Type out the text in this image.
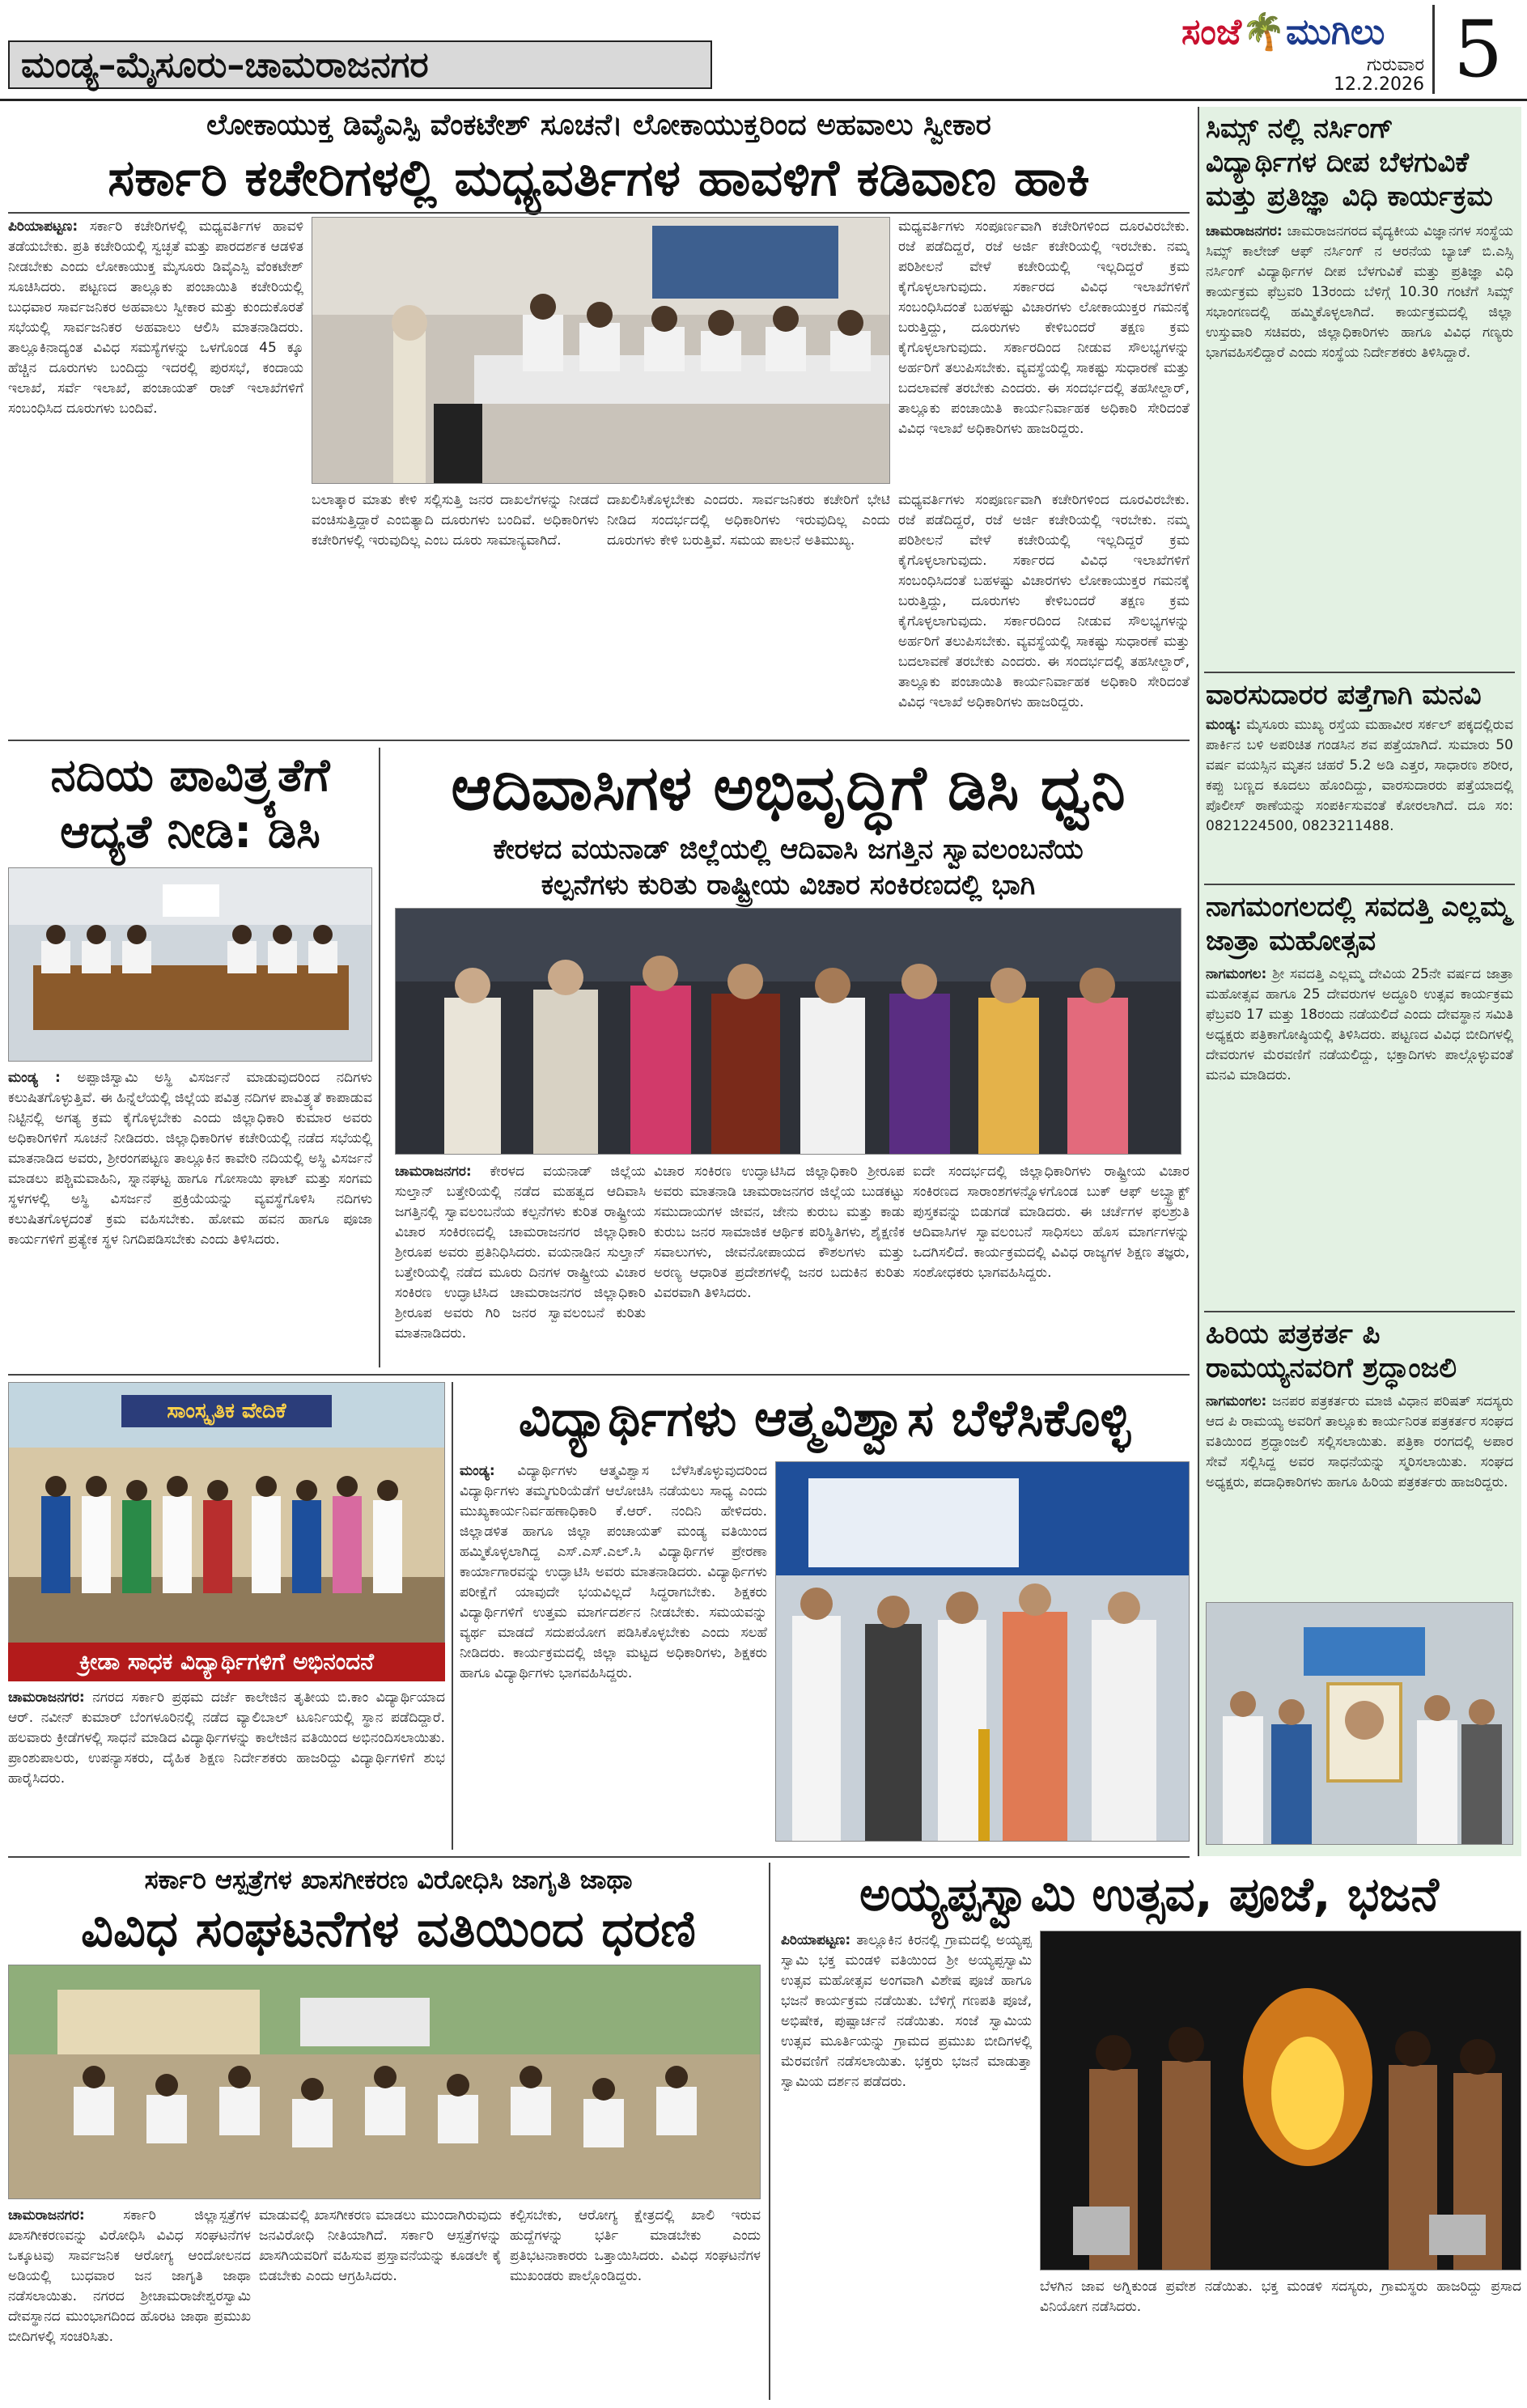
ಮಂಡ್ಯ–ಮೈಸೂರು–ಚಾಮರಾಜನಗರ
ಸಂಜೆ🌴ಮುಗಿಲು
ಗುರುವಾರ
12.2.2026 5
ಲೋಕಾಯುಕ್ತ ಡಿವೈಎಸ್ಪಿ ವೆಂಕಟೇಶ್ ಸೂಚನೆ। ಲೋಕಾಯುಕ್ತರಿಂದ ಅಹವಾಲು ಸ್ವೀಕಾರ
ಸರ್ಕಾರಿ ಕಚೇರಿಗಳಲ್ಲಿ ಮಧ್ಯವರ್ತಿಗಳ ಹಾವಳಿಗೆ ಕಡಿವಾಣ ಹಾಕಿ
ಪಿರಿಯಾಪಟ್ಟಣ: ಸರ್ಕಾರಿ ಕಚೇರಿಗಳಲ್ಲಿ ಮಧ್ಯವರ್ತಿಗಳ ಹಾವಳಿ ತಡೆಯಬೇಕು. ಪ್ರತಿ ಕಚೇರಿಯಲ್ಲಿ ಸ್ವಚ್ಛತೆ ಮತ್ತು ಪಾರದರ್ಶಕ ಆಡಳಿತ ನೀಡಬೇಕು ಎಂದು ಲೋಕಾಯುಕ್ತ ಮೈಸೂರು ಡಿವೈಎಸ್ಪಿ ವೆಂಕಟೇಶ್ ಸೂಚಿಸಿದರು. ಪಟ್ಟಣದ ತಾಲ್ಲೂಕು ಪಂಚಾಯಿತಿ ಕಚೇರಿಯಲ್ಲಿ ಬುಧವಾರ ಸಾರ್ವಜನಿಕರ ಅಹವಾಲು ಸ್ವೀಕಾರ ಮತ್ತು ಕುಂದುಕೊರತೆ ಸಭೆಯಲ್ಲಿ ಸಾರ್ವಜನಿಕರ ಅಹವಾಲು ಆಲಿಸಿ ಮಾತನಾಡಿದರು. ತಾಲ್ಲೂಕಿನಾದ್ಯಂತ ವಿವಿಧ ಸಮಸ್ಯೆಗಳನ್ನು ಒಳಗೊಂಡ 45 ಕ್ಕೂ ಹೆಚ್ಚಿನ ದೂರುಗಳು ಬಂದಿದ್ದು ಇದರಲ್ಲಿ ಪುರಸಭೆ, ಕಂದಾಯ ಇಲಾಖೆ, ಸರ್ವೆ ಇಲಾಖೆ, ಪಂಚಾಯತ್ ರಾಜ್ ಇಲಾಖೆಗಳಿಗೆ ಸಂಬಂಧಿಸಿದ ದೂರುಗಳು ಬಂದಿವೆ.
ಮಧ್ಯವರ್ತಿಗಳು ಸಂಪೂರ್ಣವಾಗಿ ಕಚೇರಿಗಳಿಂದ ದೂರವಿರಬೇಕು. ರಜೆ ಪಡೆದಿದ್ದರೆ, ರಜೆ ಅರ್ಜಿ ಕಚೇರಿಯಲ್ಲಿ ಇರಬೇಕು. ನಮ್ಮ ಪರಿಶೀಲನೆ ವೇಳೆ ಕಚೇರಿಯಲ್ಲಿ ಇಲ್ಲದಿದ್ದರೆ ಕ್ರಮ ಕೈಗೊಳ್ಳಲಾಗುವುದು. ಸರ್ಕಾರದ ವಿವಿಧ ಇಲಾಖೆಗಳಿಗೆ ಸಂಬಂಧಿಸಿದಂತೆ ಬಹಳಷ್ಟು ವಿಚಾರಗಳು ಲೋಕಾಯುಕ್ತರ ಗಮನಕ್ಕೆ ಬರುತ್ತಿದ್ದು, ದೂರುಗಳು ಕೇಳಿಬಂದರೆ ತಕ್ಷಣ ಕ್ರಮ ಕೈಗೊಳ್ಳಲಾಗುವುದು. ಸರ್ಕಾರದಿಂದ ನೀಡುವ ಸೌಲಭ್ಯಗಳನ್ನು ಅರ್ಹರಿಗೆ ತಲುಪಿಸಬೇಕು. ವ್ಯವಸ್ಥೆಯಲ್ಲಿ ಸಾಕಷ್ಟು ಸುಧಾರಣೆ ಮತ್ತು ಬದಲಾವಣೆ ತರಬೇಕು ಎಂದರು. ಈ ಸಂದರ್ಭದಲ್ಲಿ ತಹಸೀಲ್ದಾರ್, ತಾಲ್ಲೂಕು ಪಂಚಾಯಿತಿ ಕಾರ್ಯನಿರ್ವಾಹಕ ಅಧಿಕಾರಿ ಸೇರಿದಂತೆ ವಿವಿಧ ಇಲಾಖೆ ಅಧಿಕಾರಿಗಳು ಹಾಜರಿದ್ದರು.
ಬಲಾತ್ಕಾರ ಮಾತು ಕೇಳಿ ಸಲ್ಲಿಸುತ್ತಿ ಜನರ ದಾಖಲೆಗಳನ್ನು ನೀಡದೆ ವಂಚಿಸುತ್ತಿದ್ದಾರೆ ಎಂಬಿತ್ಯಾದಿ ದೂರುಗಳು ಬಂದಿವೆ. ಅಧಿಕಾರಿಗಳು ಕಚೇರಿಗಳಲ್ಲಿ ಇರುವುದಿಲ್ಲ ಎಂಬ ದೂರು ಸಾಮಾನ್ಯವಾಗಿದೆ.
ದಾಖಲಿಸಿಕೊಳ್ಳಬೇಕು ಎಂದರು. ಸಾರ್ವಜನಿಕರು ಕಚೇರಿಗೆ ಭೇಟಿ ನೀಡಿದ ಸಂದರ್ಭದಲ್ಲಿ ಅಧಿಕಾರಿಗಳು ಇರುವುದಿಲ್ಲ ಎಂದು ದೂರುಗಳು ಕೇಳಿ ಬರುತ್ತಿವೆ. ಸಮಯ ಪಾಲನೆ ಅತಿಮುಖ್ಯ.
ಮಧ್ಯವರ್ತಿಗಳು ಸಂಪೂರ್ಣವಾಗಿ ಕಚೇರಿಗಳಿಂದ ದೂರವಿರಬೇಕು. ರಜೆ ಪಡೆದಿದ್ದರೆ, ರಜೆ ಅರ್ಜಿ ಕಚೇರಿಯಲ್ಲಿ ಇರಬೇಕು. ನಮ್ಮ ಪರಿಶೀಲನೆ ವೇಳೆ ಕಚೇರಿಯಲ್ಲಿ ಇಲ್ಲದಿದ್ದರೆ ಕ್ರಮ ಕೈಗೊಳ್ಳಲಾಗುವುದು. ಸರ್ಕಾರದ ವಿವಿಧ ಇಲಾಖೆಗಳಿಗೆ ಸಂಬಂಧಿಸಿದಂತೆ ಬಹಳಷ್ಟು ವಿಚಾರಗಳು ಲೋಕಾಯುಕ್ತರ ಗಮನಕ್ಕೆ ಬರುತ್ತಿದ್ದು, ದೂರುಗಳು ಕೇಳಿಬಂದರೆ ತಕ್ಷಣ ಕ್ರಮ ಕೈಗೊಳ್ಳಲಾಗುವುದು. ಸರ್ಕಾರದಿಂದ ನೀಡುವ ಸೌಲಭ್ಯಗಳನ್ನು ಅರ್ಹರಿಗೆ ತಲುಪಿಸಬೇಕು. ವ್ಯವಸ್ಥೆಯಲ್ಲಿ ಸಾಕಷ್ಟು ಸುಧಾರಣೆ ಮತ್ತು ಬದಲಾವಣೆ ತರಬೇಕು ಎಂದರು. ಈ ಸಂದರ್ಭದಲ್ಲಿ ತಹಸೀಲ್ದಾರ್, ತಾಲ್ಲೂಕು ಪಂಚಾಯಿತಿ ಕಾರ್ಯನಿರ್ವಾಹಕ ಅಧಿಕಾರಿ ಸೇರಿದಂತೆ ವಿವಿಧ ಇಲಾಖೆ ಅಧಿಕಾರಿಗಳು ಹಾಜರಿದ್ದರು.
ನದಿಯ ಪಾವಿತ್ರ್ಯತೆಗೆ
ಆದ್ಯತೆ ನೀಡಿ: ಡಿಸಿ
ಮಂಡ್ಯ : ಅಪ್ಪಾಜಿಸ್ವಾಮಿ ಅಸ್ಥಿ ವಿಸರ್ಜನೆ ಮಾಡುವುದರಿಂದ ನದಿಗಳು ಕಲುಷಿತಗೊಳ್ಳುತ್ತಿವೆ. ಈ ಹಿನ್ನೆಲೆಯಲ್ಲಿ ಜಿಲ್ಲೆಯ ಪವಿತ್ರ ನದಿಗಳ ಪಾವಿತ್ರ್ಯತೆ ಕಾಪಾಡುವ ನಿಟ್ಟಿನಲ್ಲಿ ಅಗತ್ಯ ಕ್ರಮ ಕೈಗೊಳ್ಳಬೇಕು ಎಂದು ಜಿಲ್ಲಾಧಿಕಾರಿ ಕುಮಾರ ಅವರು ಅಧಿಕಾರಿಗಳಿಗೆ ಸೂಚನೆ ನೀಡಿದರು. ಜಿಲ್ಲಾಧಿಕಾರಿಗಳ ಕಚೇರಿಯಲ್ಲಿ ನಡೆದ ಸಭೆಯಲ್ಲಿ ಮಾತನಾಡಿದ ಅವರು, ಶ್ರೀರಂಗಪಟ್ಟಣ ತಾಲ್ಲೂಕಿನ ಕಾವೇರಿ ನದಿಯಲ್ಲಿ ಅಸ್ಥಿ ವಿಸರ್ಜನೆ ಮಾಡಲು ಪಶ್ಚಿಮವಾಹಿನಿ, ಸ್ನಾನಘಟ್ಟ ಹಾಗೂ ಗೋಸಾಯಿ ಘಾಟ್ ಮತ್ತು ಸಂಗಮ ಸ್ಥಳಗಳಲ್ಲಿ ಅಸ್ಥಿ ವಿಸರ್ಜನೆ ಪ್ರಕ್ರಿಯೆಯನ್ನು ವ್ಯವಸ್ಥೆಗೊಳಿಸಿ ನದಿಗಳು ಕಲುಷಿತಗೊಳ್ಳದಂತೆ ಕ್ರಮ ವಹಿಸಬೇಕು. ಹೋಮ ಹವನ ಹಾಗೂ ಪೂಜಾ ಕಾರ್ಯಗಳಿಗೆ ಪ್ರತ್ಯೇಕ ಸ್ಥಳ ನಿಗದಿಪಡಿಸಬೇಕು ಎಂದು ತಿಳಿಸಿದರು.
ಆದಿವಾಸಿಗಳ ಅಭಿವೃದ್ಧಿಗೆ ಡಿಸಿ ಧ್ವನಿ
ಕೇರಳದ ವಯನಾಡ್ ಜಿಲ್ಲೆಯಲ್ಲಿ ಆದಿವಾಸಿ ಜಗತ್ತಿನ ಸ್ವಾವಲಂಬನೆಯ
ಕಲ್ಪನೆಗಳು ಕುರಿತು ರಾಷ್ಟ್ರೀಯ ವಿಚಾರ ಸಂಕಿರಣದಲ್ಲಿ ಭಾಗಿ
ಚಾಮರಾಜನಗರ: ಕೇರಳದ ವಯನಾಡ್ ಜಿಲ್ಲೆಯ ಸುಲ್ತಾನ್ ಬತ್ತೇರಿಯಲ್ಲಿ ನಡೆದ ಮಹತ್ವದ ಆದಿವಾಸಿ ಜಗತ್ತಿನಲ್ಲಿ ಸ್ವಾವಲಂಬನೆಯ ಕಲ್ಪನೆಗಳು ಕುರಿತ ರಾಷ್ಟ್ರೀಯ ವಿಚಾರ ಸಂಕಿರಣದಲ್ಲಿ ಚಾಮರಾಜನಗರ ಜಿಲ್ಲಾಧಿಕಾರಿ ಶ್ರೀರೂಪ ಅವರು ಪ್ರತಿನಿಧಿಸಿದರು. ವಯನಾಡಿನ ಸುಲ್ತಾನ್ ಬತ್ತೇರಿಯಲ್ಲಿ ನಡೆದ ಮೂರು ದಿನಗಳ ರಾಷ್ಟ್ರೀಯ ವಿಚಾರ ಸಂಕಿರಣ ಉದ್ಘಾಟಿಸಿದ ಚಾಮರಾಜನಗರ ಜಿಲ್ಲಾಧಿಕಾರಿ ಶ್ರೀರೂಪ ಅವರು ಗಿರಿ ಜನರ ಸ್ವಾವಲಂಬನೆ ಕುರಿತು ಮಾತನಾಡಿದರು.
ವಿಚಾರ ಸಂಕಿರಣ ಉದ್ಘಾಟಿಸಿದ ಜಿಲ್ಲಾಧಿಕಾರಿ ಶ್ರೀರೂಪ ಅವರು ಮಾತನಾಡಿ ಚಾಮರಾಜನಗರ ಜಿಲ್ಲೆಯ ಬುಡಕಟ್ಟು ಸಮುದಾಯಗಳ ಜೀವನ, ಜೇನು ಕುರುಬ ಮತ್ತು ಕಾಡು ಕುರುಬ ಜನರ ಸಾಮಾಜಿಕ ಆರ್ಥಿಕ ಪರಿಸ್ಥಿತಿಗಳು, ಶೈಕ್ಷಣಿಕ ಸವಾಲುಗಳು, ಜೀವನೋಪಾಯದ ಕೌಶಲಗಳು ಮತ್ತು ಅರಣ್ಯ ಆಧಾರಿತ ಪ್ರದೇಶಗಳಲ್ಲಿ ಜನರ ಬದುಕಿನ ಕುರಿತು ವಿವರವಾಗಿ ತಿಳಿಸಿದರು.
ಐದೇ ಸಂದರ್ಭದಲ್ಲಿ ಜಿಲ್ಲಾಧಿಕಾರಿಗಳು ರಾಷ್ಟ್ರೀಯ ವಿಚಾರ ಸಂಕಿರಣದ ಸಾರಾಂಶಗಳನ್ನೊಳಗೊಂಡ ಬುಕ್ ಆಫ್ ಅಬ್ಸ್ಟ್ರಾಕ್ಟ್ ಪುಸ್ತಕವನ್ನು ಬಿಡುಗಡೆ ಮಾಡಿದರು. ಈ ಚರ್ಚೆಗಳ ಫಲಶ್ರುತಿ ಆದಿವಾಸಿಗಳ ಸ್ವಾವಲಂಬನೆ ಸಾಧಿಸಲು ಹೊಸ ಮಾರ್ಗಗಳನ್ನು ಒದಗಿಸಲಿದೆ. ಕಾರ್ಯಕ್ರಮದಲ್ಲಿ ವಿವಿಧ ರಾಜ್ಯಗಳ ಶಿಕ್ಷಣ ತಜ್ಞರು, ಸಂಶೋಧಕರು ಭಾಗವಹಿಸಿದ್ದರು.
ಸಾಂಸ್ಕೃತಿಕ ವೇದಿಕೆ
ಕ್ರೀಡಾ ಸಾಧಕ ವಿದ್ಯಾರ್ಥಿಗಳಿಗೆ ಅಭಿನಂದನೆ
ಚಾಮರಾಜನಗರ: ನಗರದ ಸರ್ಕಾರಿ ಪ್ರಥಮ ದರ್ಜೆ ಕಾಲೇಜಿನ ತೃತೀಯ ಬಿ.ಕಾಂ ವಿದ್ಯಾರ್ಥಿಯಾದ ಆರ್. ನವೀನ್ ಕುಮಾರ್ ಬೆಂಗಳೂರಿನಲ್ಲಿ ನಡೆದ ವ್ಯಾಲಿಬಾಲ್ ಟೂರ್ನಿಯಲ್ಲಿ ಸ್ಥಾನ ಪಡೆದಿದ್ದಾರೆ. ಹಲವಾರು ಕ್ರೀಡೆಗಳಲ್ಲಿ ಸಾಧನೆ ಮಾಡಿದ ವಿದ್ಯಾರ್ಥಿಗಳನ್ನು ಕಾಲೇಜಿನ ವತಿಯಿಂದ ಅಭಿನಂದಿಸಲಾಯಿತು. ಪ್ರಾಂಶುಪಾಲರು, ಉಪನ್ಯಾಸಕರು, ದೈಹಿಕ ಶಿಕ್ಷಣ ನಿರ್ದೇಶಕರು ಹಾಜರಿದ್ದು ವಿದ್ಯಾರ್ಥಿಗಳಿಗೆ ಶುಭ ಹಾರೈಸಿದರು.
ವಿದ್ಯಾರ್ಥಿಗಳು ಆತ್ಮವಿಶ್ವಾಸ ಬೆಳೆಸಿಕೊಳ್ಳಿ
ಮಂಡ್ಯ: ವಿದ್ಯಾರ್ಥಿಗಳು ಆತ್ಮವಿಶ್ವಾಸ ಬೆಳೆಸಿಕೊಳ್ಳುವುದರಿಂದ ವಿದ್ಯಾರ್ಥಿಗಳು ತಮ್ಮಗುರಿಯೆಡೆಗೆ ಆಲೋಚಿಸಿ ನಡೆಯಲು ಸಾಧ್ಯ ಎಂದು ಮುಖ್ಯಕಾರ್ಯನಿರ್ವಹಣಾಧಿಕಾರಿ ಕೆ.ಆರ್. ನಂದಿನಿ ಹೇಳಿದರು. ಜಿಲ್ಲಾಡಳಿತ ಹಾಗೂ ಜಿಲ್ಲಾ ಪಂಚಾಯತ್ ಮಂಡ್ಯ ವತಿಯಿಂದ ಹಮ್ಮಿಕೊಳ್ಳಲಾಗಿದ್ದ ಎಸ್.ಎಸ್.ಎಲ್.ಸಿ ವಿದ್ಯಾರ್ಥಿಗಳ ಪ್ರೇರಣಾ ಕಾರ್ಯಾಗಾರವನ್ನು ಉದ್ಘಾಟಿಸಿ ಅವರು ಮಾತನಾಡಿದರು. ವಿದ್ಯಾರ್ಥಿಗಳು ಪರೀಕ್ಷೆಗೆ ಯಾವುದೇ ಭಯವಿಲ್ಲದೆ ಸಿದ್ಧರಾಗಬೇಕು. ಶಿಕ್ಷಕರು ವಿದ್ಯಾರ್ಥಿಗಳಿಗೆ ಉತ್ತಮ ಮಾರ್ಗದರ್ಶನ ನೀಡಬೇಕು. ಸಮಯವನ್ನು ವ್ಯರ್ಥ ಮಾಡದೆ ಸದುಪಯೋಗ ಪಡಿಸಿಕೊಳ್ಳಬೇಕು ಎಂದು ಸಲಹೆ ನೀಡಿದರು. ಕಾರ್ಯಕ್ರಮದಲ್ಲಿ ಜಿಲ್ಲಾ ಮಟ್ಟದ ಅಧಿಕಾರಿಗಳು, ಶಿಕ್ಷಕರು ಹಾಗೂ ವಿದ್ಯಾರ್ಥಿಗಳು ಭಾಗವಹಿಸಿದ್ದರು.
ಸರ್ಕಾರಿ ಆಸ್ಪತ್ರೆಗಳ ಖಾಸಗೀಕರಣ ವಿರೋಧಿಸಿ ಜಾಗೃತಿ ಜಾಥಾ
ವಿವಿಧ ಸಂಘಟನೆಗಳ ವತಿಯಿಂದ ಧರಣಿ
ಚಾಮರಾಜನಗರ:	ಸರ್ಕಾರಿ ಜಿಲ್ಲಾಸ್ಪತ್ರೆಗಳ ಖಾಸಗೀಕರಣವನ್ನು ವಿರೋಧಿಸಿ ವಿವಿಧ ಸಂಘಟನೆಗಳ ಒಕ್ಕೂಟವು ಸಾರ್ವಜನಿಕ ಆರೋಗ್ಯ ಆಂದೋಲನದ ಅಡಿಯಲ್ಲಿ ಬುಧವಾರ ಜನ ಜಾಗೃತಿ ಜಾಥಾ ನಡೆಸಲಾಯಿತು. ನಗರದ ಶ್ರೀಚಾಮರಾಜೇಶ್ವರಸ್ವಾಮಿ ದೇವಸ್ಥಾನದ ಮುಂಭಾಗದಿಂದ ಹೊರಟ ಜಾಥಾ ಪ್ರಮುಖ ಬೀದಿಗಳಲ್ಲಿ ಸಂಚರಿಸಿತು.
ಮಾಡುವಲ್ಲಿ ಖಾಸಗೀಕರಣ ಮಾಡಲು ಮುಂದಾಗಿರುವುದು ಜನವಿರೋಧಿ ನೀತಿಯಾಗಿದೆ. ಸರ್ಕಾರಿ ಆಸ್ಪತ್ರೆಗಳನ್ನು ಖಾಸಗಿಯವರಿಗೆ ವಹಿಸುವ ಪ್ರಸ್ತಾವನೆಯನ್ನು ಕೂಡಲೇ ಕೈ ಬಿಡಬೇಕು ಎಂದು ಆಗ್ರಹಿಸಿದರು.
ಕಲ್ಪಿಸಬೇಕು, ಆರೋಗ್ಯ ಕ್ಷೇತ್ರದಲ್ಲಿ ಖಾಲಿ ಇರುವ ಹುದ್ದೆಗಳನ್ನು ಭರ್ತಿ ಮಾಡಬೇಕು ಎಂದು ಪ್ರತಿಭಟನಾಕಾರರು ಒತ್ತಾಯಿಸಿದರು. ವಿವಿಧ ಸಂಘಟನೆಗಳ ಮುಖಂಡರು ಪಾಲ್ಗೊಂಡಿದ್ದರು.
ಅಯ್ಯಪ್ಪಸ್ವಾಮಿ ಉತ್ಸವ, ಪೂಜೆ, ಭಜನೆ
ಪಿರಿಯಾಪಟ್ಟಣ: ತಾಲ್ಲೂಕಿನ ಕಿರನಲ್ಲಿ ಗ್ರಾಮದಲ್ಲಿ ಅಯ್ಯಪ್ಪ ಸ್ವಾಮಿ ಭಕ್ತ ಮಂಡಳಿ ವತಿಯಿಂದ ಶ್ರೀ ಅಯ್ಯಪ್ಪಸ್ವಾಮಿ ಉತ್ಸವ ಮಹೋತ್ಸವ ಅಂಗವಾಗಿ ವಿಶೇಷ ಪೂಜೆ ಹಾಗೂ ಭಜನೆ ಕಾರ್ಯಕ್ರಮ ನಡೆಯಿತು. ಬೆಳಿಗ್ಗೆ ಗಣಪತಿ ಪೂಜೆ, ಅಭಿಷೇಕ, ಪುಷ್ಪಾರ್ಚನೆ ನಡೆಯಿತು. ಸಂಜೆ ಸ್ವಾಮಿಯ ಉತ್ಸವ ಮೂರ್ತಿಯನ್ನು ಗ್ರಾಮದ ಪ್ರಮುಖ ಬೀದಿಗಳಲ್ಲಿ ಮೆರವಣಿಗೆ ನಡೆಸಲಾಯಿತು. ಭಕ್ತರು ಭಜನೆ ಮಾಡುತ್ತಾ ಸ್ವಾಮಿಯ ದರ್ಶನ ಪಡೆದರು.
ಬೆಳಗಿನ ಜಾವ ಅಗ್ನಿಕುಂಡ ಪ್ರವೇಶ ನಡೆಯಿತು. ಭಕ್ತ ಮಂಡಳಿ ಸದಸ್ಯರು, ಗ್ರಾಮಸ್ಥರು ಹಾಜರಿದ್ದು ಪ್ರಸಾದ ವಿನಿಯೋಗ ನಡೆಸಿದರು.
ಸಿಮ್ಸ್ ನಲ್ಲಿ ನರ್ಸಿಂಗ್ ವಿದ್ಯಾರ್ಥಿಗಳ ದೀಪ ಬೆಳಗುವಿಕೆ ಮತ್ತು ಪ್ರತಿಜ್ಞಾ ವಿಧಿ ಕಾರ್ಯಕ್ರಮ
ಚಾಮರಾಜನಗರ: ಚಾಮರಾಜನಗರದ ವೈದ್ಯಕೀಯ ವಿಜ್ಞಾನಗಳ ಸಂಸ್ಥೆಯ ಸಿಮ್ಸ್ ಕಾಲೇಜ್ ಆಫ್ ನರ್ಸಿಂಗ್ ನ ಆರನೆಯ ಬ್ಯಾಚ್ ಬಿ.ಎಸ್ಸಿ ನರ್ಸಿಂಗ್ ವಿದ್ಯಾರ್ಥಿಗಳ ದೀಪ ಬೆಳಗುವಿಕೆ ಮತ್ತು ಪ್ರತಿಜ್ಞಾ ವಿಧಿ ಕಾರ್ಯಕ್ರಮ ಫೆಬ್ರವರಿ 13ರಂದು ಬೆಳಿಗ್ಗೆ 10.30 ಗಂಟೆಗೆ ಸಿಮ್ಸ್ ಸಭಾಂಗಣದಲ್ಲಿ ಹಮ್ಮಿಕೊಳ್ಳಲಾಗಿದೆ. ಕಾರ್ಯಕ್ರಮದಲ್ಲಿ ಜಿಲ್ಲಾ ಉಸ್ತುವಾರಿ ಸಚಿವರು, ಜಿಲ್ಲಾಧಿಕಾರಿಗಳು ಹಾಗೂ ವಿವಿಧ ಗಣ್ಯರು ಭಾಗವಹಿಸಲಿದ್ದಾರೆ ಎಂದು ಸಂಸ್ಥೆಯ ನಿರ್ದೇಶಕರು ತಿಳಿಸಿದ್ದಾರೆ.
ವಾರಸುದಾರರ ಪತ್ತೆಗಾಗಿ ಮನವಿ
ಮಂಡ್ಯ: ಮೈಸೂರು ಮುಖ್ಯ ರಸ್ತೆಯ ಮಹಾವೀರ ಸರ್ಕಲ್ ಪಕ್ಕದಲ್ಲಿರುವ ಪಾರ್ಕಿನ ಬಳಿ ಅಪರಿಚಿತ ಗಂಡಸಿನ ಶವ ಪತ್ತೆಯಾಗಿದೆ. ಸುಮಾರು 50 ವರ್ಷ ವಯಸ್ಸಿನ ಮೃತನ ಚಹರೆ 5.2 ಅಡಿ ಎತ್ತರ, ಸಾಧಾರಣ ಶರೀರ, ಕಪ್ಪು ಬಣ್ಣದ ಕೂದಲು ಹೊಂದಿದ್ದು, ವಾರಸುದಾರರು ಪತ್ತೆಯಾದಲ್ಲಿ ಪೊಲೀಸ್ ಠಾಣೆಯನ್ನು ಸಂಪರ್ಕಿಸುವಂತೆ ಕೋರಲಾಗಿದೆ. ದೂ ಸಂ: 0821224500, 0823211488.
ನಾಗಮಂಗಲದಲ್ಲಿ ಸವದತ್ತಿ ಎಲ್ಲಮ್ಮ ಜಾತ್ರಾ ಮಹೋತ್ಸವ
ನಾಗಮಂಗಲ: ಶ್ರೀ ಸವದತ್ತಿ ಎಲ್ಲಮ್ಮ ದೇವಿಯ 25ನೇ ವರ್ಷದ ಜಾತ್ರಾ ಮಹೋತ್ಸವ ಹಾಗೂ 25 ದೇವರುಗಳ ಅದ್ಧೂರಿ ಉತ್ಸವ ಕಾರ್ಯಕ್ರಮ ಫೆಬ್ರವರಿ 17 ಮತ್ತು 18ರಂದು ನಡೆಯಲಿದೆ ಎಂದು ದೇವಸ್ಥಾನ ಸಮಿತಿ ಅಧ್ಯಕ್ಷರು ಪತ್ರಿಕಾಗೋಷ್ಠಿಯಲ್ಲಿ ತಿಳಿಸಿದರು. ಪಟ್ಟಣದ ವಿವಿಧ ಬೀದಿಗಳಲ್ಲಿ ದೇವರುಗಳ ಮೆರವಣಿಗೆ ನಡೆಯಲಿದ್ದು, ಭಕ್ತಾದಿಗಳು ಪಾಲ್ಗೊಳ್ಳುವಂತೆ ಮನವಿ ಮಾಡಿದರು.
ಹಿರಿಯ ಪತ್ರಕರ್ತ ಪಿ ರಾಮಯ್ಯನವರಿಗೆ ಶ್ರದ್ಧಾಂಜಲಿ
ನಾಗಮಂಗಲ: ಜನಪರ ಪತ್ರಕರ್ತರು ಮಾಜಿ ವಿಧಾನ ಪರಿಷತ್ ಸದಸ್ಯರು ಆದ ಪಿ ರಾಮಯ್ಯ ಅವರಿಗೆ ತಾಲ್ಲೂಕು ಕಾರ್ಯನಿರತ ಪತ್ರಕರ್ತರ ಸಂಘದ ವತಿಯಿಂದ ಶ್ರದ್ಧಾಂಜಲಿ ಸಲ್ಲಿಸಲಾಯಿತು. ಪತ್ರಿಕಾ ರಂಗದಲ್ಲಿ ಅಪಾರ ಸೇವೆ ಸಲ್ಲಿಸಿದ್ದ ಅವರ ಸಾಧನೆಯನ್ನು ಸ್ಮರಿಸಲಾಯಿತು. ಸಂಘದ ಅಧ್ಯಕ್ಷರು, ಪದಾಧಿಕಾರಿಗಳು ಹಾಗೂ ಹಿರಿಯ ಪತ್ರಕರ್ತರು ಹಾಜರಿದ್ದರು.
